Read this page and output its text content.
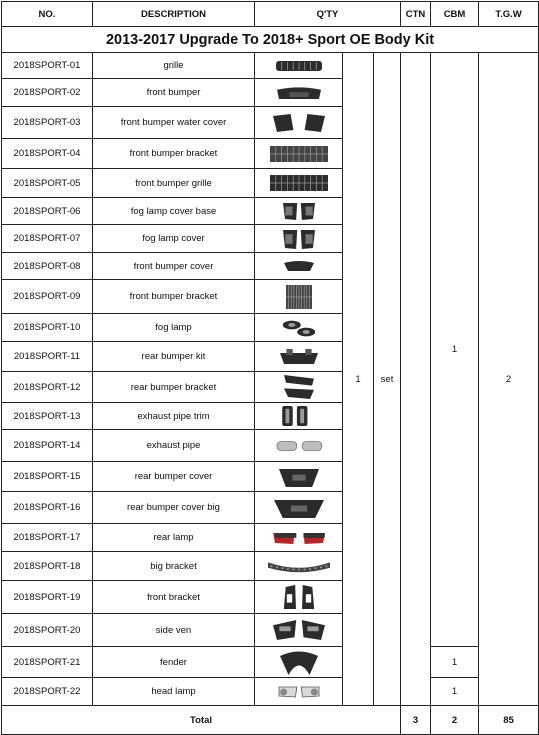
NO.	DESCRIPTION	Q'TY			CTN	CBM	T.G.W	
2013-2017 Upgrade To 2018+ Sport OE Body Kit								
2018SPORT-01	grille		1	set		1	2	
2018SPORT-02	front bumper	

2018SPORT-03	front bumper water cover	

2018SPORT-04	front bumper bracket	

2018SPORT-05	front bumper grille	

2018SPORT-06	fog lamp cover base	

2018SPORT-07	fog lamp cover	

2018SPORT-08	front bumper cover	

2018SPORT-09	front bumper bracket	

2018SPORT-10	fog lamp	

2018SPORT-11	rear bumper kit	

2018SPORT-12	rear bumper bracket	

2018SPORT-13	exhaust pipe trim	

2018SPORT-14	exhaust pipe	

2018SPORT-15	rear bumper cover	

2018SPORT-16	rear bumper cover big	

2018SPORT-17	rear lamp	

2018SPORT-18	big bracket	

2018SPORT-19	front bracket	

2018SPORT-20	side ven	

2018SPORT-21	fender					1		
2018SPORT-22	head lamp					1		
Total					3	2	85	
